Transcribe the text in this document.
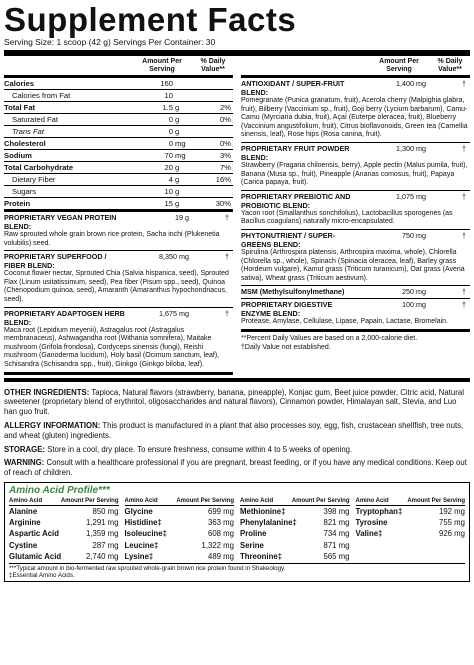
Supplement Facts
Serving Size: 1 scoop (42 g) Servings Per Container: 30
Amount Per Serving
% Daily Value**
Calories	160
Calories from Fat	10
Total Fat	1.5 g	2%
Saturated Fat	0 g	0%
Trans Fat	0 g
Cholesterol	0 mg	0%
Sodium	70 mg	3%
Total Carbohydrate	20 g	7%
Dietary Fiber	4 g	16%
Sugars	10 g
Protein	15 g	30%
PROPRIETARY VEGAN PROTEIN BLEND:
19 g	†
Raw sprouted whole grain brown rice protein, Sacha inchi (Plukenetia volubilis) seed.
PROPRIETARY SUPERFOOD / FIBER BLEND:
8,350 mg	†
Coconut flower nectar, Sprouted Chia (Salvia hispanica, seed), Sprouted Flax (Linum usitatissimum, seed), Pea fiber (Pisum spp., seed), Quinoa (Chenopodium quinoa, seed), Amaranth (Amaranthus hypochondriacus, seed).
PROPRIETARY ADAPTOGEN HERB BLEND:
1,675 mg	†
Maca root (Lepidium meyenii), Astragalus root (Astragalus membranaceus), Ashwagandha root (Withania somnifera), Maitake mushroom (Grifola frondosa), Cordyceps sinensis (fungi), Reishi mushroom (Ganoderma lucidum), Holy basil (Ocimum sanctum, leaf), Schisandra (Schisandra spp., fruit), Ginkgo (Ginkgo biloba, leaf).
Amount Per Serving
% Daily Value**
ANTIOXIDANT / SUPER-FRUIT BLEND:
1,400 mg	†
Pomegranate (Punica granatum, fruit), Acerola cherry (Malpighia glabra, fruit), Bilberry (Vaccinium sp., fruit), Goji berry (Lycium barbarum), Camu-Camu (Myrciaria dubia, fruit), Açaí (Euterpe oleracea, fruit), Blueberry (Vaccinium angustifolium, fruit), Citrus bioflavonoids, Green tea (Camellia sinensis, leaf), Rose hips (Rosa canina, fruit).
PROPRIETARY FRUIT POWDER BLEND:
1,300 mg	†
Strawberry (Fragaria chiloensis, berry), Apple pectin (Malus pumila, fruit), Banana (Musa sp., fruit), Pineapple (Ananas comosus, fruit), Papaya (Carica papaya, fruit).
PROPRIETARY PREBIOTIC AND PROBIOTIC BLEND:
1,075 mg	†
Yacon root (Smallanthus sonchifolius), Lactobacillus sporogenes (as Bacillus coagulans) naturally micro-encapsulated.
PHYTONUTRIENT / SUPER-GREENS BLEND:
750 mg	†
Spirulina (Arthrospira platensis, Arthrospira maxima, whole), Chlorella (Chlorella sp., whole), Spinach (Spinacia oleracea, leaf), Barley grass (Hordeum vulgare), Kamut grass (Triticum turanicum), Oat grass (Avena sativa), Wheat grass (Triticum aestivum).
MSM (Methylsulfonylmethane)	250 mg	†
PROPRIETARY DIGESTIVE ENZYME BLEND:
100 mg	†
Protease, Amylase, Cellulase, Lipase, Papain, Lactase, Bromelain.
**Percent Daily Values are based on a 2,000-calorie diet.
†Daily Value not established.
OTHER INGREDIENTS: Tapioca, Natural flavors (strawberry, banana, pineapple), Konjac gum, Beet juice powder, Citric acid, Natural sweetener (proprietary blend of erythritol, oligosaccharides and natural flavors), Cinnamon powder, Himalayan salt, Stevia, and Luo han guo fruit.
ALLERGY INFORMATION: This product is manufactured in a plant that also processes soy, egg, fish, crustacean shellfish, tree nuts, and wheat (gluten) ingredients.
STORAGE: Store in a cool, dry place. To ensure freshness, consume within 4 to 5 weeks of opening.
WARNING: Consult with a healthcare professional if you are pregnant, breast feeding, or if you have any medical conditions. Keep out of reach of children.
Amino Acid Profile***
Amino Acid	Amount Per Serving
Alanine	850 mg
Arginine	1,291 mg
Aspartic Acid	1,359 mg
Cystine	287 mg
Glutamic Acid	2,740 mg
Amino Acid	Amount Per Serving
Glycine	699 mg
Histidine‡	363 mg
Isoleucine‡	608 mg
Leucine‡	1,322 mg
Lysine‡	489 mg
Amino Acid	Amount Per Serving
Methionine‡	398 mg
Phenylalanine‡	821 mg
Proline	734 mg
Serine	871 mg
Threonine‡	565 mg
Amino Acid	Amount Per Serving
Tryptophan‡	192 mg
Tyrosine	755 mg
Valine‡	926 mg
***Typical amount in bio-fermented raw sprouted whole-grain brown rice protein found in Shakeology.
‡Essential Amino Acids.
